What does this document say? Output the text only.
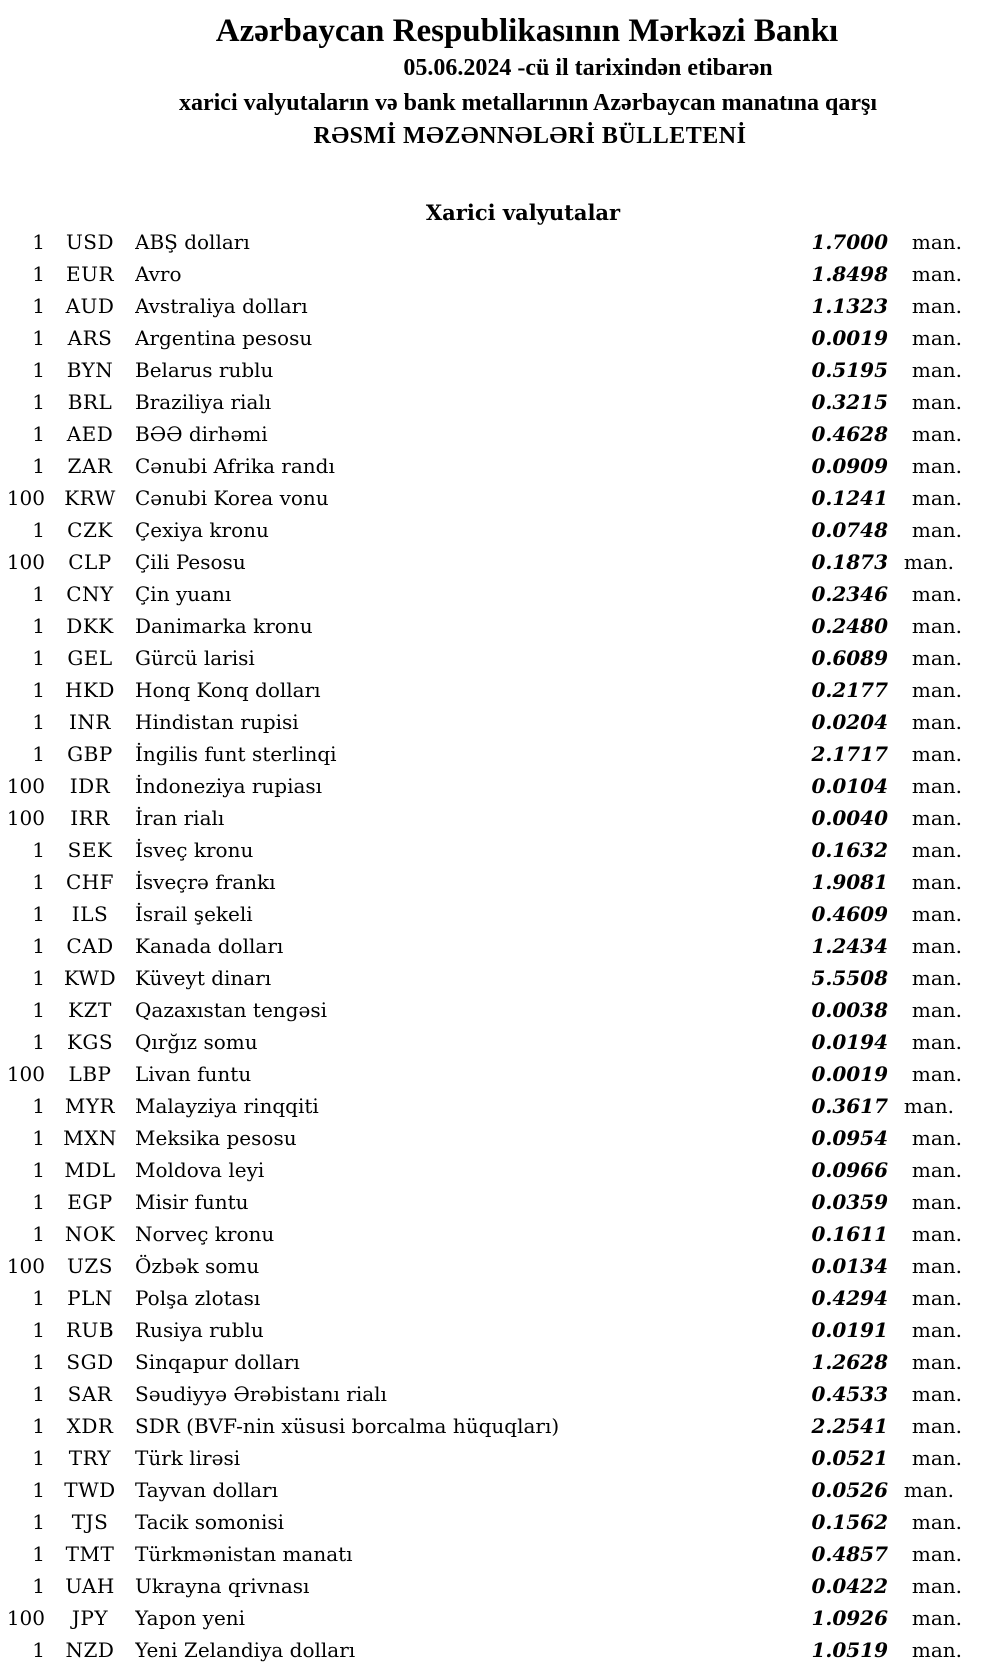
Azərbaycan Respublikasının Mərkəzi Bankı
05.06.2024 -cü il tarixindən etibarən
xarici valyutaların və bank metallarının Azərbaycan manatına qarşı
RƏSMİ MƏZƏNNƏLƏRİ BÜLLETENİ
Xarici valyutalar
1	USD	ABŞ dolları	1.7000	man.
1	EUR	Avro	1.8498	man.
1	AUD	Avstraliya dolları	1.1323	man.
1	ARS	Argentina pesosu	0.0019	man.
1	BYN	Belarus rublu	0.5195	man.
1	BRL	Braziliya rialı	0.3215	man.
1	AED	BƏƏ dirhəmi	0.4628	man.
1	ZAR	Cənubi Afrika randı	0.0909	man.
100 KRW Cənubi Korea vonu	0.1241	man.
1	CZK	Çexiya kronu	0.0748	man.
100	CLP	Çili Pesosu	0.1873 man.
1	CNY	Çin yuanı	0.2346	man.
1	DKK	Danimarka kronu	0.2480	man.
1	GEL	Gürcü larisi	0.6089	man.
1	HKD	Honq Konq dolları	0.2177	man.
1	INR	Hindistan rupisi	0.0204	man.
1	GBP	İngilis funt sterlinqi	2.1717	man.
100	IDR	İndoneziya rupiası	0.0104	man.
100	IRR	İran rialı	0.0040	man.
1	SEK	İsveç kronu	0.1632	man.
1	CHF	İsveçrə frankı	1.9081	man.
1	ILS	İsrail şekeli	0.4609	man.
1	CAD	Kanada dolları	1.2434	man.
1 KWD Küveyt dinarı	5.5508	man.
1	KZT	Qazaxıstan tengəsi	0.0038	man.
1	KGS	Qırğız somu	0.0194	man.
100	LBP	Livan funtu	0.0019	man.
1 MYR Malayziya rinqqiti	0.3617 man.
1 MXN Meksika pesosu	0.0954	man.
1 MDL Moldova leyi	0.0966	man.
1	EGP	Misir funtu	0.0359	man.
1 NOK Norveç kronu	0.1611	man.
100	UZS	Özbək somu	0.0134	man.
1	PLN	Polşa zlotası	0.4294	man.
1	RUB	Rusiya rublu	0.0191	man.
1	SGD	Sinqapur dolları	1.2628	man.
1	SAR	Səudiyyə Ərəbistanı rialı	0.4533	man.
1	XDR	SDR (BVF-nin xüsusi borcalma hüquqları)	2.2541	man.
1	TRY	Türk lirəsi	0.0521	man.
1 TWD Tayvan dolları	0.0526 man.
1	TJS	Tacik somonisi	0.1562	man.
1	TMT	Türkmənistan manatı	0.4857	man.
1	UAH	Ukrayna qrivnası	0.0422	man.
100	JPY	Yapon yeni	1.0926	man.
1	NZD	Yeni Zelandiya dolları	1.0519	man.
